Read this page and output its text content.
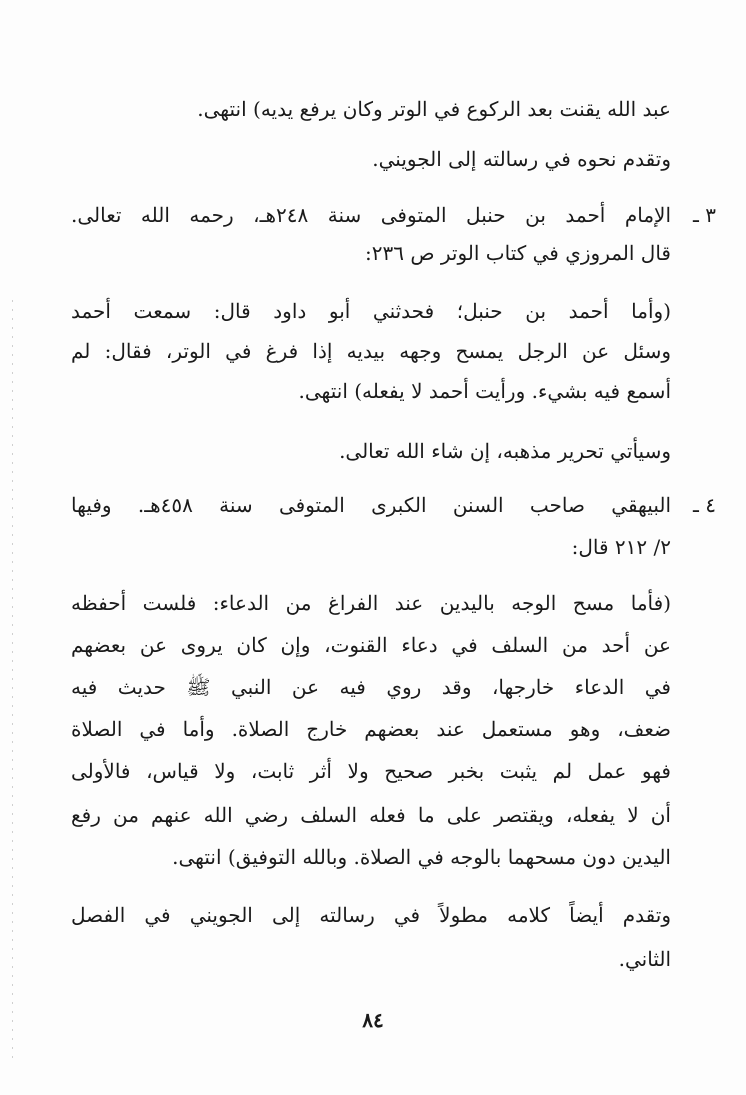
عبد الله يقنت بعد الركوع في الوتر وكان يرفع يديه) انتهى.
وتقدم نحوه في رسالته إلى الجويني.
٣ ـ
الإمام أحمد بن حنبل المتوفى سنة ٢٤٨هـ، رحمه الله تعالى.
قال المروزي في كتاب الوتر ص ٢٣٦:
(وأما أحمد بن حنبل؛ فحدثني أبو داود قال: سمعت أحمد
وسئل عن الرجل يمسح وجهه بيديه إذا فرغ في الوتر، فقال: لم
أسمع فيه بشيء. ورأيت أحمد لا يفعله) انتهى.
وسيأتي تحرير مذهبه، إن شاء الله تعالى.
٤ ـ
البيهقي صاحب السنن الكبرى المتوفى سنة ٤٥٨هـ. وفيها
٢/ ٢١٢ قال:
(فأما مسح الوجه باليدين عند الفراغ من الدعاء: فلست أحفظه
عن أحد من السلف في دعاء القنوت، وإن كان يروى عن بعضهم
في الدعاء خارجها، وقد روي فيه عن النبي ﷺ حديث فيه
ضعف، وهو مستعمل عند بعضهم خارج الصلاة. وأما في الصلاة
فهو عمل لم يثبت بخبر صحيح ولا أثر ثابت، ولا قياس، فالأولى
أن لا يفعله، ويقتصر على ما فعله السلف رضي الله عنهم من رفع
اليدين دون مسحهما بالوجه في الصلاة. وبالله التوفيق) انتهى.
وتقدم أيضاً كلامه مطولاً في رسالته إلى الجويني في الفصل
الثاني.
٨٤
